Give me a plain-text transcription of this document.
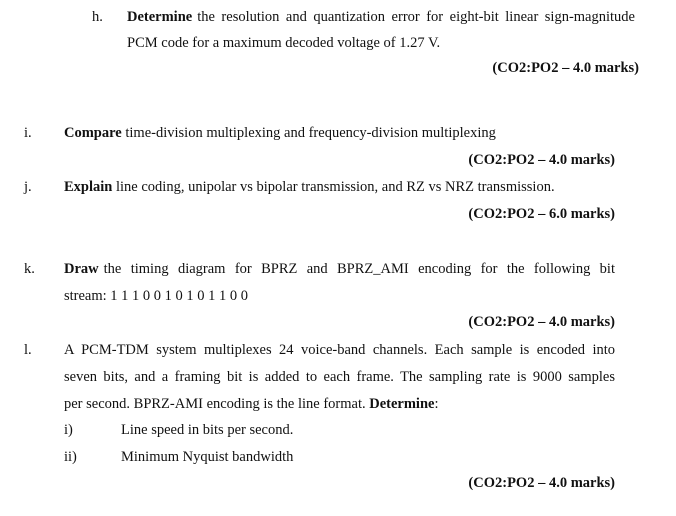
h. Determine the resolution and quantization error for eight-bit linear sign-magnitude
PCM code for a maximum decoded voltage of 1.27 V.
(CO2:PO2 – 4.0 marks)
i. Compare time-division multiplexing and frequency-division multiplexing
(CO2:PO2 – 4.0 marks)
j. Explain line coding, unipolar vs bipolar transmission, and RZ vs NRZ transmission.
(CO2:PO2 – 6.0 marks)
k. Draw the timing diagram for BPRZ and BPRZ_AMI encoding for the following bit
stream: 1 1 1 0 0 1 0 1 0 1 1 0 0
(CO2:PO2 – 4.0 marks)
l. A PCM-TDM system multiplexes 24 voice-band channels. Each sample is encoded into
seven bits, and a framing bit is added to each frame. The sampling rate is 9000 samples
per second. BPRZ-AMI encoding is the line format. Determine:
i)	Line speed in bits per second.
ii)	Minimum Nyquist bandwidth
(CO2:PO2 – 4.0 marks)
